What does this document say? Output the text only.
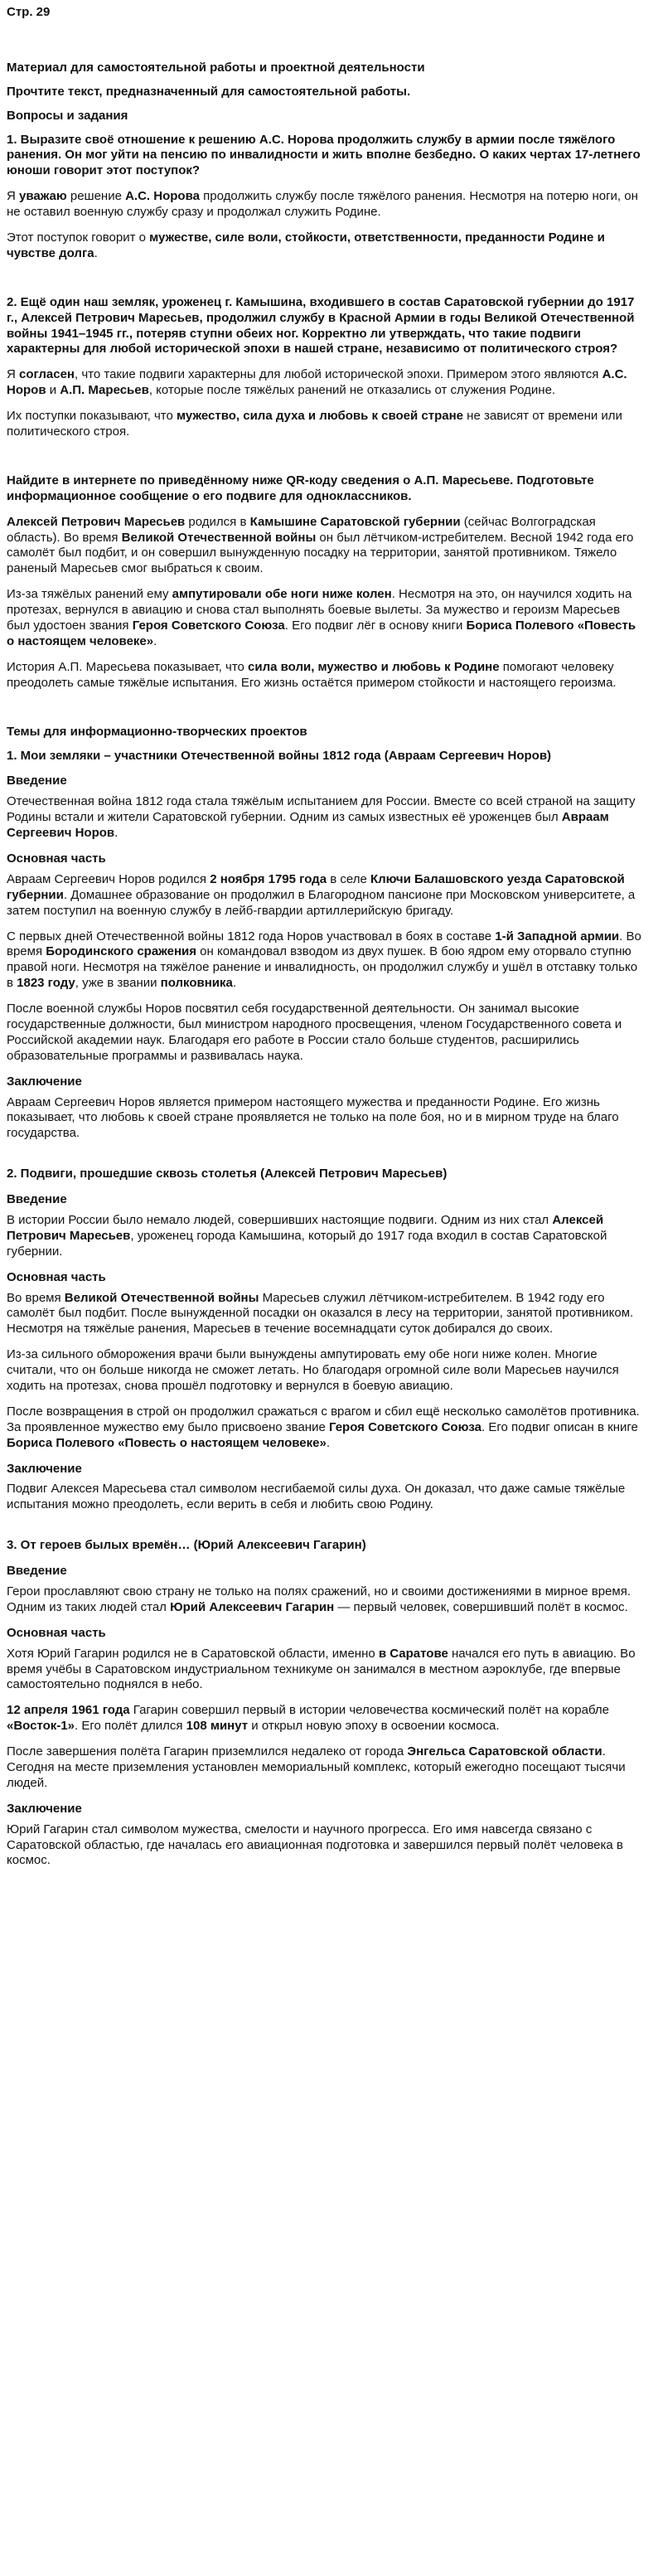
Стр. 29

Материал для самостоятельной работы и проектной деятельности

Прочтите текст, предназначенный для самостоятельной работы.

Вопросы и задания

1. Выразите своё отношение к решению А.С. Норова продолжить службу в армии после тяжёлого ранения. Он мог уйти на пенсию по инвалидности и жить вполне безбедно. О каких чертах 17-летнего юноши говорит этот поступок?

Я уважаю решение А.С. Норова продолжить службу после тяжёлого ранения. Несмотря на потерю ноги, он не оставил военную службу сразу и продолжал служить Родине.

Этот поступок говорит о мужестве, силе воли, стойкости, ответственности, преданности Родине и чувстве долга.

2. Ещё один наш земляк, уроженец г. Камышина, входившего в состав Саратовской губернии до 1917 г., Алексей Петрович Маресьев, продолжил службу в Красной Армии в годы Великой Отечественной войны 1941–1945 гг., потеряв ступни обеих ног. Корректно ли утверждать, что такие подвиги характерны для любой исторической эпохи в нашей стране, независимо от политического строя?

Я согласен, что такие подвиги характерны для любой исторической эпохи. Примером этого являются А.С. Норов и А.П. Маресьев, которые после тяжёлых ранений не отказались от служения Родине.

Их поступки показывают, что мужество, сила духа и любовь к своей стране не зависят от времени или политического строя.

Найдите в интернете по приведённому ниже QR-коду сведения о А.П. Маресьеве. Подготовьте информационное сообщение о его подвиге для одноклассников.

Алексей Петрович Маресьев родился в Камышине Саратовской губернии (сейчас Волгоградская область). Во время Великой Отечественной войны он был лётчиком-истребителем. Весной 1942 года его самолёт был подбит, и он совершил вынужденную посадку на территории, занятой противником. Тяжело раненый Маресьев смог выбраться к своим.

Из-за тяжёлых ранений ему ампутировали обе ноги ниже колен. Несмотря на это, он научился ходить на протезах, вернулся в авиацию и снова стал выполнять боевые вылеты. За мужество и героизм Маресьев был удостоен звания Героя Советского Союза. Его подвиг лёг в основу книги Бориса Полевого «Повесть о настоящем человеке».

История А.П. Маресьева показывает, что сила воли, мужество и любовь к Родине помогают человеку преодолеть самые тяжёлые испытания. Его жизнь остаётся примером стойкости и настоящего героизма.

Темы для информационно-творческих проектов

1. Мои земляки – участники Отечественной войны 1812 года (Авраам Сергеевич Норов)

Введение

Отечественная война 1812 года стала тяжёлым испытанием для России. Вместе со всей страной на защиту Родины встали и жители Саратовской губернии. Одним из самых известных её уроженцев был Авраам Сергеевич Норов.

Основная часть

Авраам Сергеевич Норов родился 2 ноября 1795 года в селе Ключи Балашовского уезда Саратовской губернии. Домашнее образование он продолжил в Благородном пансионе при Московском университете, а затем поступил на военную службу в лейб-гвардии артиллерийскую бригаду.

С первых дней Отечественной войны 1812 года Норов участвовал в боях в составе 1-й Западной армии. Во время Бородинского сражения он командовал взводом из двух пушек. В бою ядром ему оторвало ступню правой ноги. Несмотря на тяжёлое ранение и инвалидность, он продолжил службу и ушёл в отставку только в 1823 году, уже в звании полковника.

После военной службы Норов посвятил себя государственной деятельности. Он занимал высокие государственные должности, был министром народного просвещения, членом Государственного совета и Российской академии наук. Благодаря его работе в России стало больше студентов, расширились образовательные программы и развивалась наука.

Заключение

Авраам Сергеевич Норов является примером настоящего мужества и преданности Родине. Его жизнь показывает, что любовь к своей стране проявляется не только на поле боя, но и в мирном труде на благо государства.

2. Подвиги, прошедшие сквозь столетья (Алексей Петрович Маресьев)

Введение

В истории России было немало людей, совершивших настоящие подвиги. Одним из них стал Алексей Петрович Маресьев, уроженец города Камышина, который до 1917 года входил в состав Саратовской губернии.

Основная часть

Во время Великой Отечественной войны Маресьев служил лётчиком-истребителем. В 1942 году его самолёт был подбит. После вынужденной посадки он оказался в лесу на территории, занятой противником. Несмотря на тяжёлые ранения, Маресьев в течение восемнадцати суток добирался до своих.

Из-за сильного обморожения врачи были вынуждены ампутировать ему обе ноги ниже колен. Многие считали, что он больше никогда не сможет летать. Но благодаря огромной силе воли Маресьев научился ходить на протезах, снова прошёл подготовку и вернулся в боевую авиацию.

После возвращения в строй он продолжил сражаться с врагом и сбил ещё несколько самолётов противника. За проявленное мужество ему было присвоено звание Героя Советского Союза. Его подвиг описан в книге Бориса Полевого «Повесть о настоящем человеке».

Заключение

Подвиг Алексея Маресьева стал символом несгибаемой силы духа. Он доказал, что даже самые тяжёлые испытания можно преодолеть, если верить в себя и любить свою Родину.

3. От героев былых времён… (Юрий Алексеевич Гагарин)

Введение

Герои прославляют свою страну не только на полях сражений, но и своими достижениями в мирное время. Одним из таких людей стал Юрий Алексеевич Гагарин — первый человек, совершивший полёт в космос.

Основная часть

Хотя Юрий Гагарин родился не в Саратовской области, именно в Саратове начался его путь в авиацию. Во время учёбы в Саратовском индустриальном техникуме он занимался в местном аэроклубе, где впервые самостоятельно поднялся в небо.

12 апреля 1961 года Гагарин совершил первый в истории человечества космический полёт на корабле «Восток-1». Его полёт длился 108 минут и открыл новую эпоху в освоении космоса.

После завершения полёта Гагарин приземлился недалеко от города Энгельса Саратовской области. Сегодня на месте приземления установлен мемориальный комплекс, который ежегодно посещают тысячи людей.

Заключение

Юрий Гагарин стал символом мужества, смелости и научного прогресса. Его имя навсегда связано с Саратовской областью, где началась его авиационная подготовка и завершился первый полёт человека в космос.
